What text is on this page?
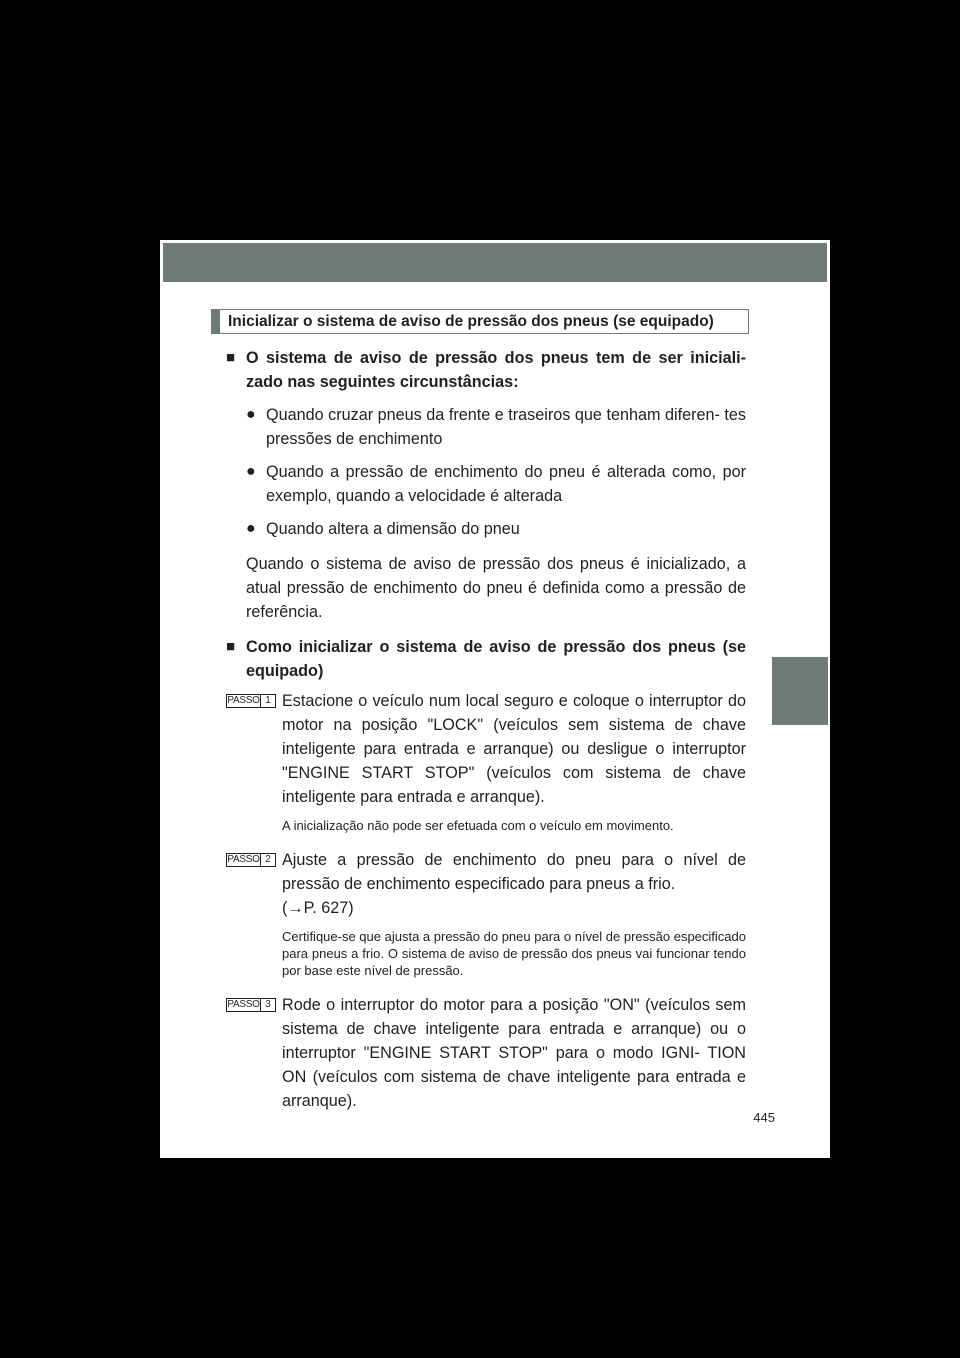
4
Cuidados e manutenção
Inicializar o sistema de aviso de pressão dos pneus (se equipado)
■ O sistema de aviso de pressão dos pneus tem de ser iniciali- zado nas seguintes circunstâncias:
● Quando cruzar pneus da frente e traseiros que tenham diferen- tes pressões de enchimento
● Quando a pressão de enchimento do pneu é alterada como, por exemplo, quando a velocidade é alterada
● Quando altera a dimensão do pneu
Quando o sistema de aviso de pressão dos pneus é inicializado, a atual pressão de enchimento do pneu é definida como a pressão de referência.
■ Como inicializar o sistema de aviso de pressão dos pneus (se equipado)
PASSO 1 Estacione o veículo num local seguro e coloque o interruptor do motor na posição "LOCK" (veículos sem sistema de chave inteligente para entrada e arranque) ou desligue o interruptor "ENGINE START STOP" (veículos com sistema de chave inteligente para entrada e arranque).
A inicialização não pode ser efetuada com o veículo em movimento.
PASSO 2 Ajuste a pressão de enchimento do pneu para o nível de pressão de enchimento especificado para pneus a frio.
(→P. 627)
Certifique-se que ajusta a pressão do pneu para o nível de pressão especificado para pneus a frio. O sistema de aviso de pressão dos pneus vai funcionar tendo por base este nível de pressão.
PASSO 3 Rode o interruptor do motor para a posição "ON" (veículos sem sistema de chave inteligente para entrada e arranque) ou o interruptor "ENGINE START STOP" para o modo IGNI- TION ON (veículos com sistema de chave inteligente para entrada e arranque).
445
